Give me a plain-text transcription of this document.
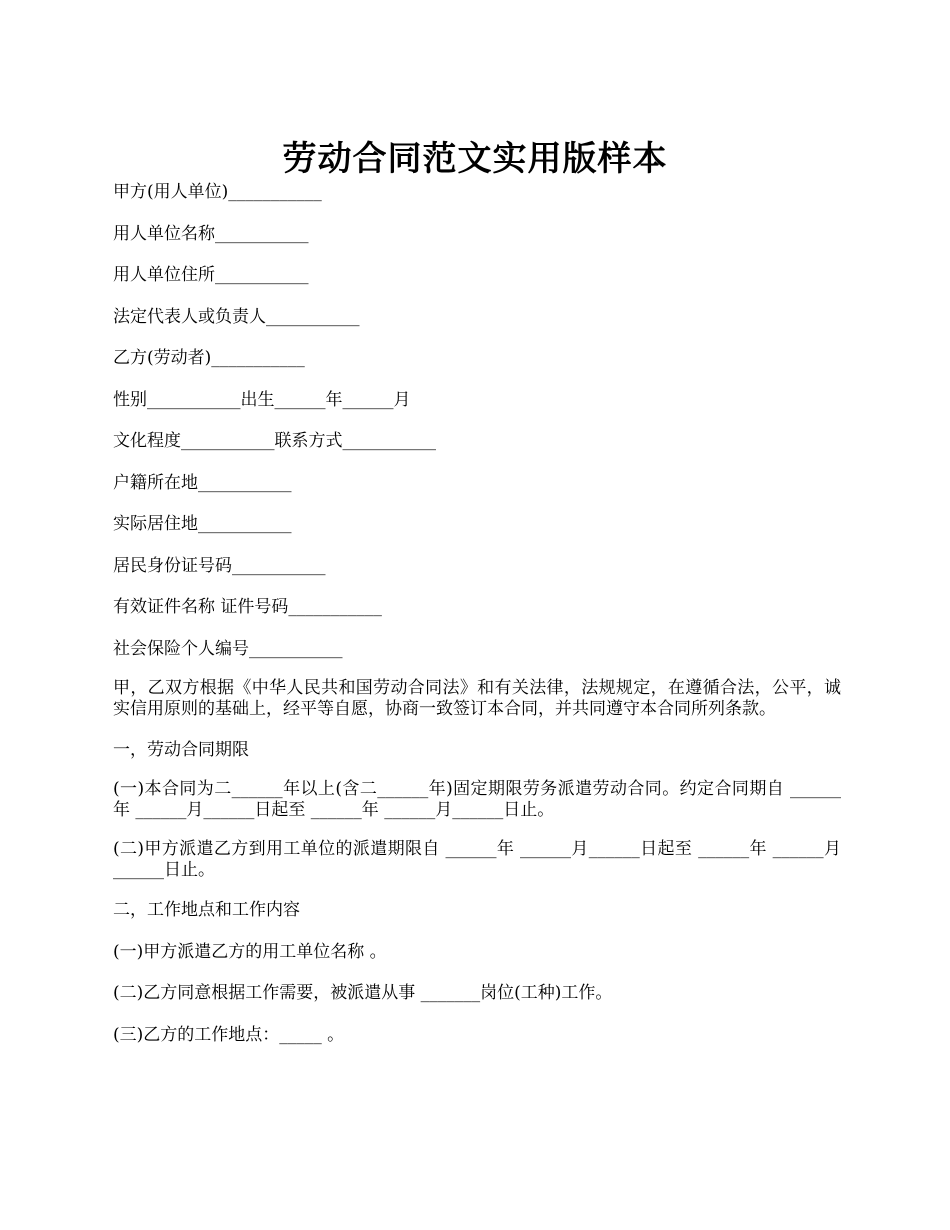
劳动合同范文实用版样本
甲方(用人单位)___________
用人单位名称___________
用人单位住所___________
法定代表人或负责人___________
乙方(劳动者)___________
性别___________出生______年______月
文化程度___________联系方式___________
户籍所在地___________
实际居住地___________
居民身份证号码___________
有效证件名称 证件号码___________
社会保险个人编号___________

甲，乙双方根据《中华人民共和国劳动合同法》和有关法律，法规规定，在遵循合法，公平，诚实信用原则的基础上，经平等自愿，协商一致签订本合同，并共同遵守本合同所列条款。

一，劳动合同期限

(一)本合同为二______年以上(含二______年)固定期限劳务派遣劳动合同。约定合同期自 ______年 ______月______日起至 ______年 ______月______日止。

(二)甲方派遣乙方到用工单位的派遣期限自 ______年 ______月______日起至 ______年 ______月______日止。

二，工作地点和工作内容
(一)甲方派遣乙方的用工单位名称 。
(二)乙方同意根据工作需要，被派遣从事 _______岗位(工种)工作。
(三)乙方的工作地点：_____ 。
